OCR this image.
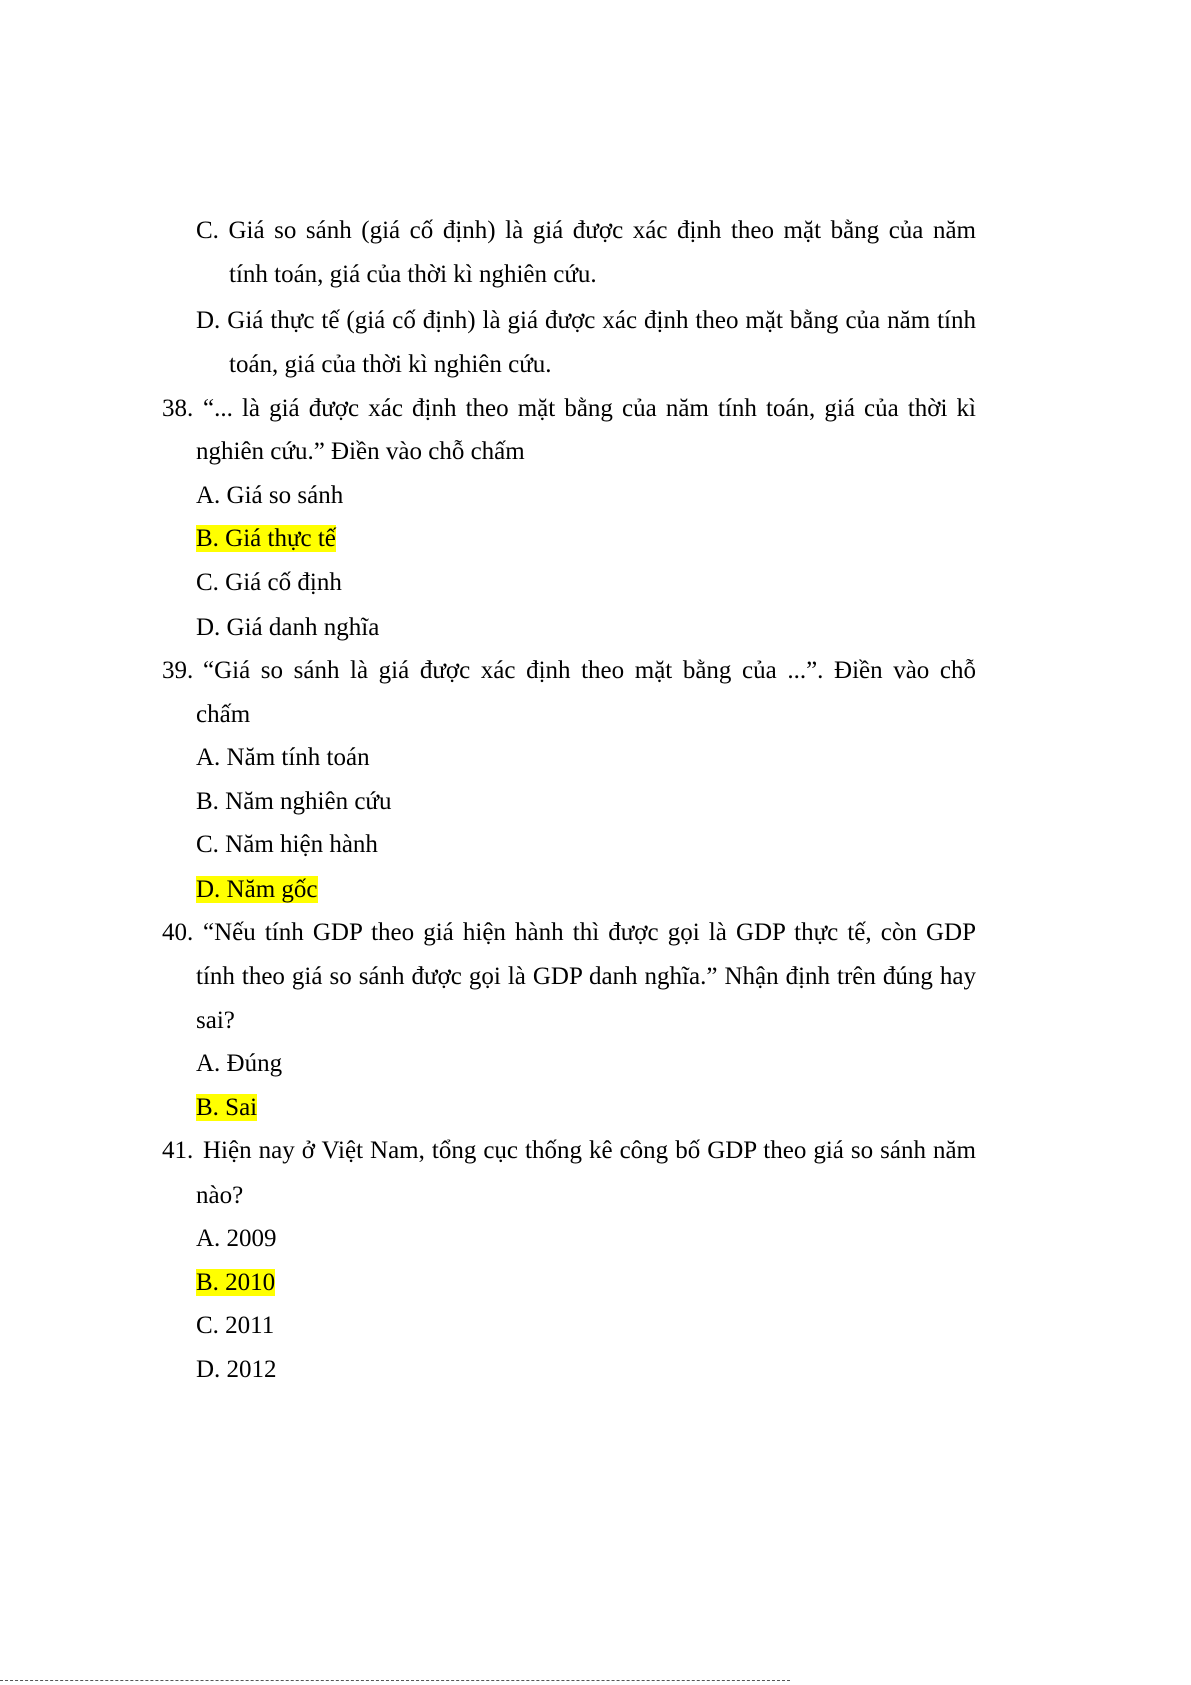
C. Giá so sánh (giá cố định) là giá được xác định theo mặt bằng của năm
tính toán, giá của thời kì nghiên cứu.
D. Giá thực tế (giá cố định) là giá được xác định theo mặt bằng của năm tính
toán, giá của thời kì nghiên cứu.
38. “... là giá được xác định theo mặt bằng của năm tính toán, giá của thời kì
nghiên cứu.” Điền vào chỗ chấm
A. Giá so sánh
B. Giá thực tế
C. Giá cố định
D. Giá danh nghĩa
39. “Giá so sánh là giá được xác định theo mặt bằng của ...”. Điền vào chỗ
chấm
A. Năm tính toán
B. Năm nghiên cứu
C. Năm hiện hành
D. Năm gốc
40. “Nếu tính GDP theo giá hiện hành thì được gọi là GDP thực tế, còn GDP
tính theo giá so sánh được gọi là GDP danh nghĩa.” Nhận định trên đúng hay
sai?
A. Đúng
B. Sai
41. Hiện nay ở Việt Nam, tổng cục thống kê công bố GDP theo giá so sánh năm
nào?
A. 2009
B. 2010
C. 2011
D. 2012
